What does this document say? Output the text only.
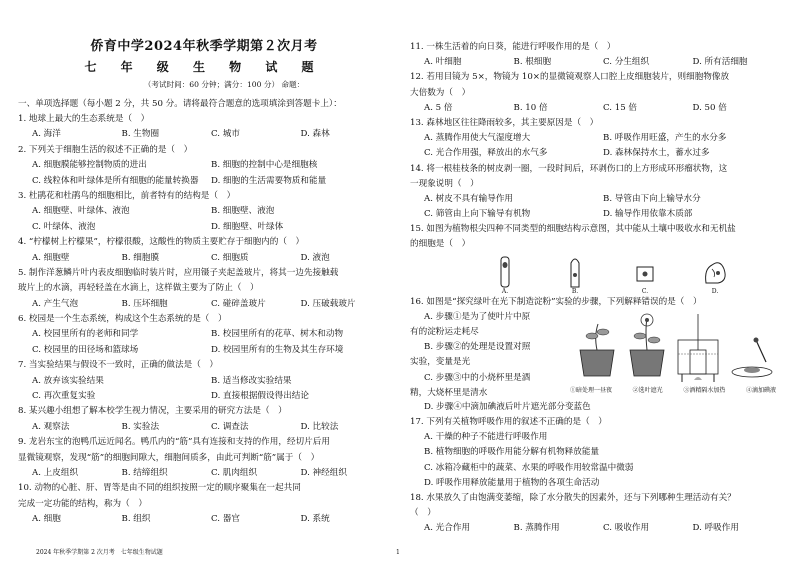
侨育中学2024年秋季学期第２次月考
七 年 级 生 物 试 题
（考试时间：60 分钟；满分：100 分） 命题：
一、单项选择题（每小题 2 分，共 50 分。请将最符合题意的选项填涂到答题卡上）：
1. 地球上最大的生态系统是（　）
A. 海洋	B. 生物圈	C. 城市	D. 森林
2. 下列关于细胞生活的叙述不正确的是（　）
A. 细胞膜能够控制物质的进出	B. 细胞的控制中心是细胞核
C. 线粒体和叶绿体是所有细胞的能量转换器	D. 细胞的生活需要物质和能量
3. 杜鹃花和杜鹃鸟的细胞相比，前者特有的结构是（　）
A. 细胞壁、叶绿体、液泡	B. 细胞壁、液泡
C. 叶绿体、液泡	D. 细胞壁、叶绿体
4. “柠檬树上柠檬果”，柠檬很酸，这酸性的物质主要贮存于细胞内的（　）
A. 细胞壁	B. 细胞膜	C. 细胞质	D. 液泡
5. 制作洋葱鳞片叶内表皮细胞临时装片时，应用镊子夹起盖玻片，将其一边先接触载
玻片上的水滴，再轻轻盖在水滴上，这样做主要为了防止（　）
A. 产生气泡	B. 压坏细胞	C. 碰碎盖玻片	D. 压破载玻片
6. 校园是一个生态系统，构成这个生态系统的是（　）
A. 校园里所有的老师和同学	B. 校园里所有的花草、树木和动物
C. 校园里的田径场和篮球场	D. 校园里所有的生物及其生存环境
7. 当实验结果与假设不一致时，正确的做法是（　）
A. 放弃该实验结果	B. 适当修改实验结果
C. 再次重复实验	D. 直接根据假设得出结论
8. 某兴趣小组想了解本校学生视力情况，主要采用的研究方法是（　）
A. 观察法	B. 实验法	C. 调查法	D. 比较法
9. 龙岩东宝的泡鸭爪远近闻名。鸭爪内的“筋”具有连接和支持的作用，经切片后用
显微镜观察，发现“筋”的细胞间隙大，细胞间质多，由此可判断“筋”属于（　）
A. 上皮组织	B. 结缔组织	C. 肌肉组织	D. 神经组织
10. 动物的心脏、肝、胃等是由不同的组织按照一定的顺序聚集在一起共同
完成一定功能的结构，称为（　）
A. 细胞	B. 组织	C. 器官	D. 系统
11. 一株生活着的向日葵，能进行呼吸作用的是（　）
A. 叶细胞	B. 根细胞	C. 分生组织	D. 所有活细胞
12. 若用目镜为 5×，物镜为 10×的显微镜观察人口腔上皮细胞装片，则细胞物像放
大倍数为（　）
A. 5 倍	B. 10 倍	C. 15 倍	D. 50 倍
13. 森林地区往往降雨较多，其主要原因是（　）
A. 蒸腾作用使大气湿度增大	B. 呼吸作用旺盛，产生的水分多
C. 光合作用强，释放出的水气多	D. 森林保持水土，蓄水过多
14. 将一根桂枝条的树皮剥一圈，一段时间后，环剥伤口的上方形成环形瘤状物，这
一现象说明（　）
A. 树皮不具有输导作用	B. 导管由下向上输导水分
C. 筛管由上向下输导有机物	D. 输导作用依靠木质部
15. 如图为植物根尖四种不同类型的细胞结构示意图，其中能从土壤中吸收水和无机盐
的细胞是（　）
A.	B.	C.	D.
16. 如图是“探究绿叶在光下制造淀粉”实验的步骤，下列解释错误的是（　）
A. 步骤①是为了使叶片中原
有的淀粉运走耗尽
B. 步骤②的处理是设置对照
实验，变量是光
C. 步骤③中的小烧杯里是酒
精，大烧杯里是清水	①暗处理一昼夜	②选叶遮光	③酒精隔水加热	④滴加碘液
D. 步骤④中滴加碘液后叶片遮光部分变蓝色
17. 下列有关植物呼吸作用的叙述不正确的是（　）
A. 干燥的种子不能进行呼吸作用
B. 植物细胞的呼吸作用能分解有机物释放能量
C. 冰箱冷藏柜中的蔬菜、水果的呼吸作用较常温中微弱
D. 呼吸作用释放能量用于植物的各项生命活动
18. 水果放久了由饱满变萎缩，除了水分散失的因素外，还与下列哪种生理活动有关？
（　）
A. 光合作用	B. 蒸腾作用	C. 吸收作用	D. 呼吸作用
2024 年秋季学期第 2 次月考　七年级生物试题	1
